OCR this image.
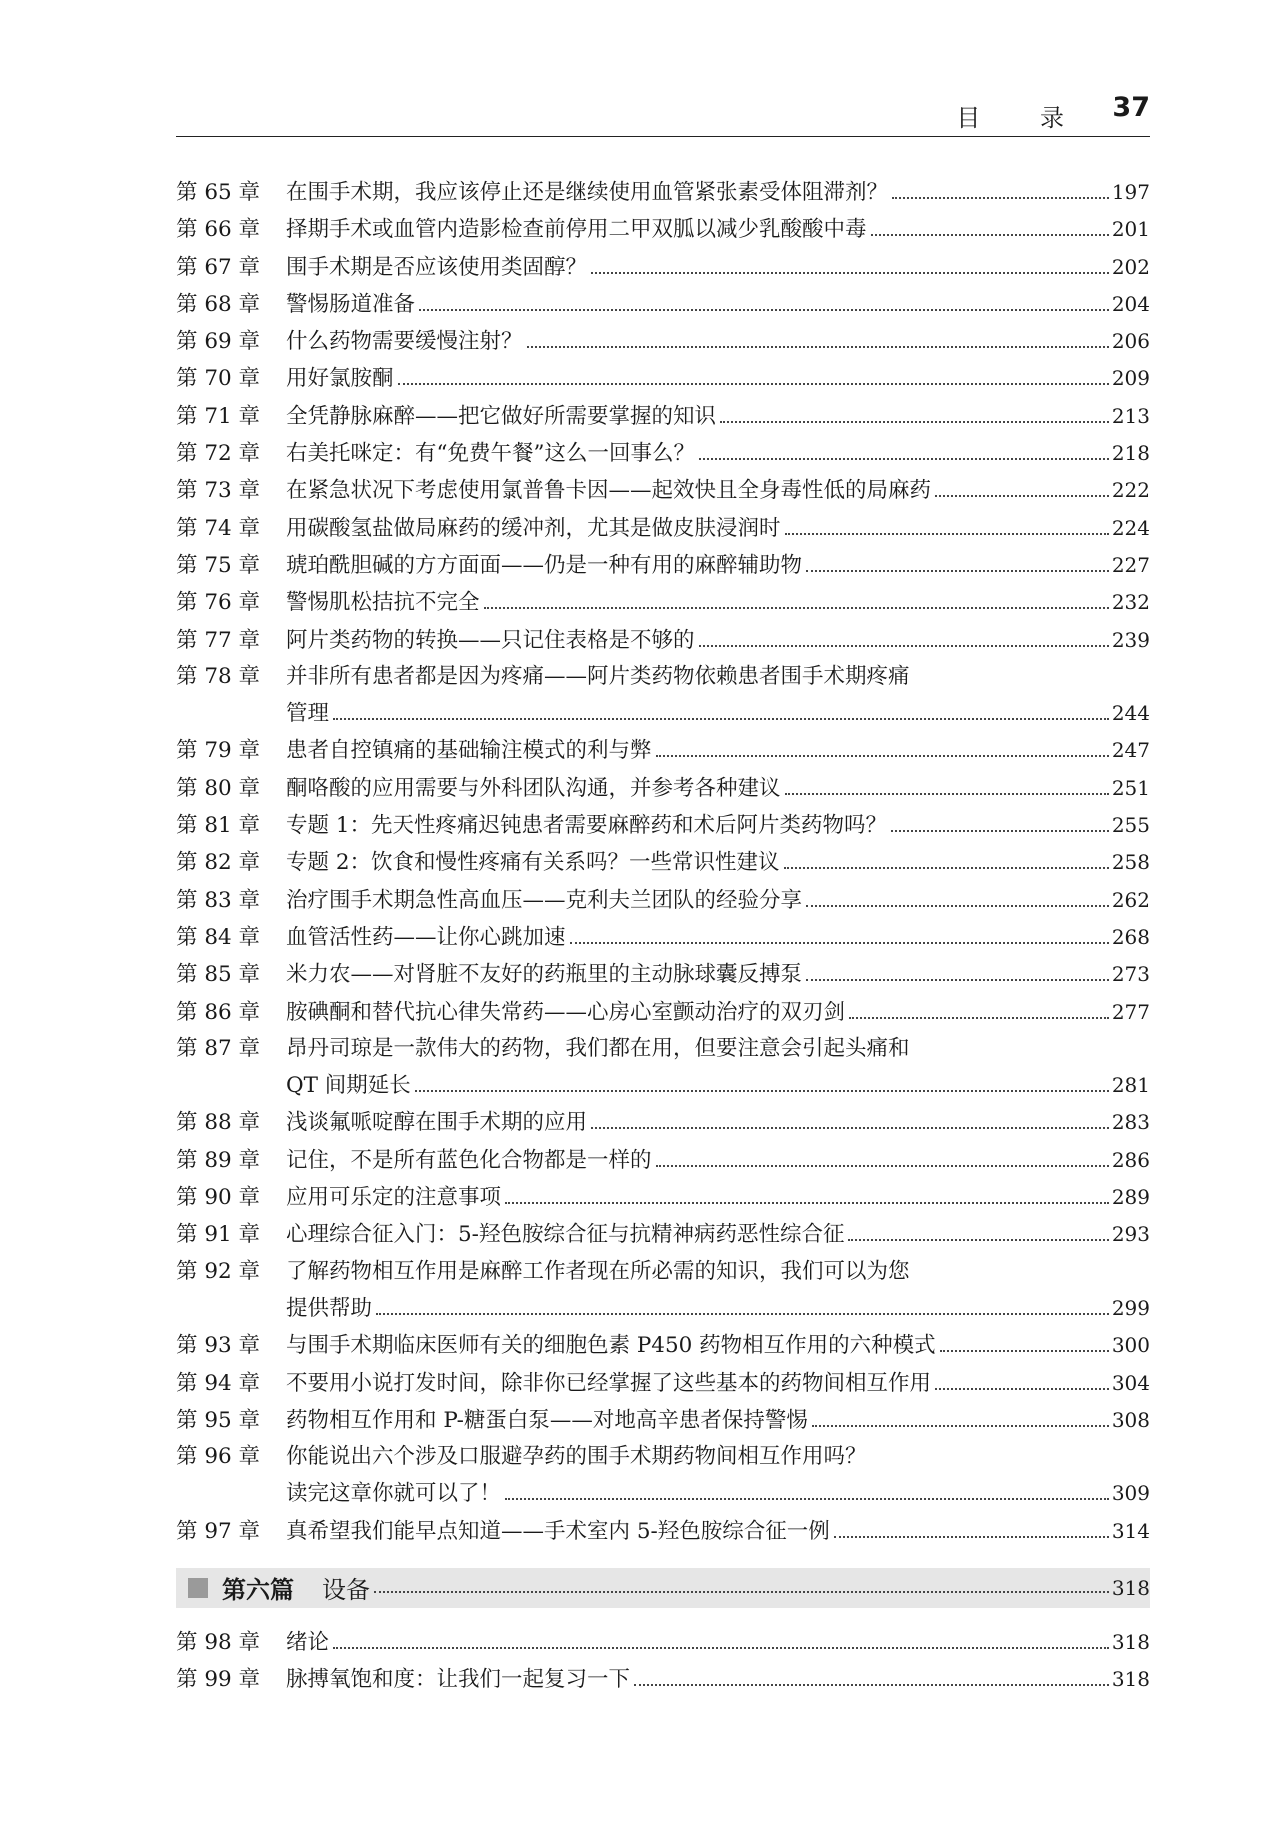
目 录 37
第 65 章	在围手术期，我应该停止还是继续使用血管紧张素受体阻滞剂？	197
第 66 章	择期手术或血管内造影检查前停用二甲双胍以减少乳酸酸中毒	201
第 67 章	围手术期是否应该使用类固醇？	202
第 68 章	警惕肠道准备	204
第 69 章	什么药物需要缓慢注射？	206
第 70 章	用好氯胺酮	209
第 71 章	全凭静脉麻醉——把它做好所需要掌握的知识	213
第 72 章	右美托咪定：有“免费午餐”这么一回事么？	218
第 73 章	在紧急状况下考虑使用氯普鲁卡因——起效快且全身毒性低的局麻药	222
第 74 章	用碳酸氢盐做局麻药的缓冲剂，尤其是做皮肤浸润时	224
第 75 章	琥珀酰胆碱的方方面面——仍是一种有用的麻醉辅助物	227
第 76 章	警惕肌松拮抗不完全	232
第 77 章	阿片类药物的转换——只记住表格是不够的	239
第 78 章	并非所有患者都是因为疼痛——阿片类药物依赖患者围手术期疼痛
管理	244
第 79 章	患者自控镇痛的基础输注模式的利与弊	247
第 80 章	酮咯酸的应用需要与外科团队沟通，并参考各种建议	251
第 81 章	专题 1：先天性疼痛迟钝患者需要麻醉药和术后阿片类药物吗？	255
第 82 章	专题 2：饮食和慢性疼痛有关系吗？一些常识性建议	258
第 83 章	治疗围手术期急性高血压——克利夫兰团队的经验分享	262
第 84 章	血管活性药——让你心跳加速	268
第 85 章	米力农——对肾脏不友好的药瓶里的主动脉球囊反搏泵	273
第 86 章	胺碘酮和替代抗心律失常药——心房心室颤动治疗的双刃剑	277
第 87 章	昂丹司琼是一款伟大的药物，我们都在用，但要注意会引起头痛和
QT 间期延长	281
第 88 章	浅谈氟哌啶醇在围手术期的应用	283
第 89 章	记住，不是所有蓝色化合物都是一样的	286
第 90 章	应用可乐定的注意事项	289
第 91 章	心理综合征入门：5-羟色胺综合征与抗精神病药恶性综合征	293
第 92 章	了解药物相互作用是麻醉工作者现在所必需的知识，我们可以为您
提供帮助	299
第 93 章	与围手术期临床医师有关的细胞色素 P450 药物相互作用的六种模式	300
第 94 章	不要用小说打发时间，除非你已经掌握了这些基本的药物间相互作用	304
第 95 章	药物相互作用和 P-糖蛋白泵——对地高辛患者保持警惕	308
第 96 章	你能说出六个涉及口服避孕药的围手术期药物间相互作用吗？
读完这章你就可以了！	309
第 97 章	真希望我们能早点知道——手术室内 5-羟色胺综合征一例	314
第六篇 设备	318
第 98 章	绪论	318
第 99 章	脉搏氧饱和度：让我们一起复习一下	318
